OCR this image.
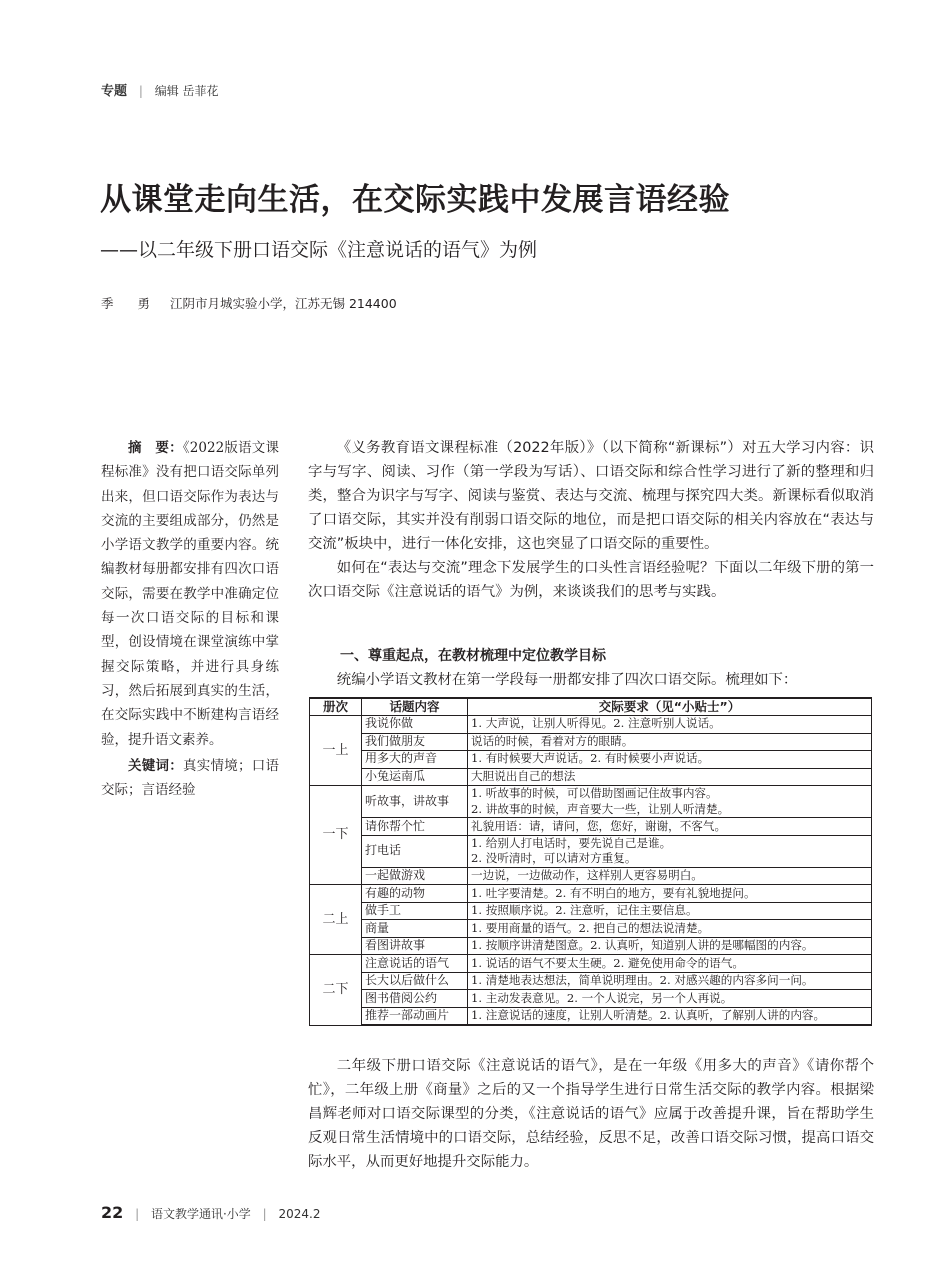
专题 | 编辑 岳菲花
从课堂走向生活，在交际实践中发展言语经验
——以二年级下册口语交际《注意说话的语气》为例
季 勇 江阴市月城实验小学，江苏无锡 214400

摘　要：《2022版语文课程标准》没有把口语交际单列出来，但口语交际作为表达与交流的主要组成部分，仍然是小学语文教学的重要内容。统编教材每册都安排有四次口语交际，需要在教学中准确定位每一次口语交际的目标和课型，创设情境在课堂演练中掌握交际策略，并进行具身练习，然后拓展到真实的生活，在交际实践中不断建构言语经验，提升语文素养。

关键词：真实情境；口语交际；言语经验

《义务教育语文课程标准（2022年版）》（以下简称“新课标”）对五大学习内容：识字与写字、阅读、习作（第一学段为写话）、口语交际和综合性学习进行了新的整理和归类，整合为识字与写字、阅读与鉴赏、表达与交流、梳理与探究四大类。新课标看似取消了口语交际，其实并没有削弱口语交际的地位，而是把口语交际的相关内容放在“表达与交流”板块中，进行一体化安排，这也突显了口语交际的重要性。

如何在“表达与交流”理念下发展学生的口头性言语经验呢？下面以二年级下册的第一次口语交际《注意说话的语气》为例，来谈谈我们的思考与实践。

一、尊重起点，在教材梳理中定位教学目标
统编小学语文教材在第一学段每一册都安排了四次口语交际。梳理如下：
册次	话题内容	交际要求（见“小贴士”）
一上	我说你做	1. 大声说，让别人听得见。2. 注意听别人说话。
	我们做朋友	说话的时候，看着对方的眼睛。
	用多大的声音	1. 有时候要大声说话。2. 有时候要小声说话。
	小兔运南瓜	大胆说出自己的想法
一下	听故事，讲故事	1. 听故事的时候，可以借助图画记住故事内容。
2. 讲故事的时候，声音要大一些，让别人听清楚。

	请你帮个忙	礼貌用语：请，请问，您，您好，谢谢，不客气。
	打电话	1. 给别人打电话时，要先说自己是谁。
2. 没听清时，可以请对方重复。

	一起做游戏	一边说，一边做动作，这样别人更容易明白。
二上	有趣的动物	1. 吐字要清楚。2. 有不明白的地方，要有礼貌地提问。
	做手工	1. 按照顺序说。2. 注意听，记住主要信息。
	商量	1. 要用商量的语气。2. 把自己的想法说清楚。
	看图讲故事	1. 按顺序讲清楚图意。2. 认真听，知道别人讲的是哪幅图的内容。
二下	注意说话的语气	1. 说话的语气不要太生硬。2. 避免使用命令的语气。
	长大以后做什么	1. 清楚地表达想法，简单说明理由。2. 对感兴趣的内容多问一问。
	图书借阅公约	1. 主动发表意见。2. 一个人说完，另一个人再说。
	推荐一部动画片	1. 注意说话的速度，让别人听清楚。2. 认真听，了解别人讲的内容。
二年级下册口语交际《注意说话的语气》，是在一年级《用多大的声音》《请你帮个忙》，二年级上册《商量》之后的又一个指导学生进行日常生活交际的教学内容。根据梁昌辉老师对口语交际课型的分类，《注意说话的语气》应属于改善提升课，旨在帮助学生反观日常生活情境中的口语交际，总结经验，反思不足，改善口语交际习惯，提高口语交际水平，从而更好地提升交际能力。
22 | 语文教学通讯·小学 | 2024.2
